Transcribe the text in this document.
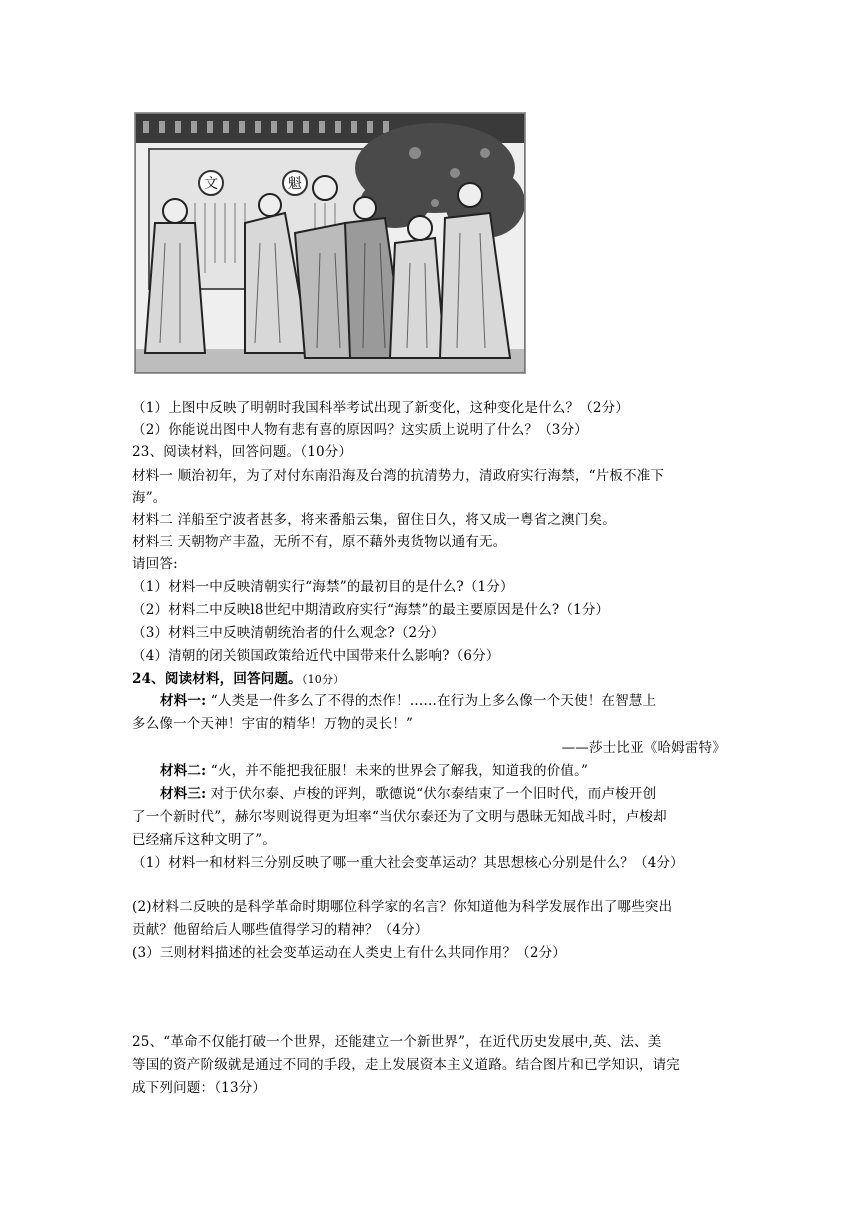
文	魁
（1）上图中反映了明朝时我国科举考试出现了新变化，这种变化是什么？（2分）
（2）你能说出图中人物有悲有喜的原因吗？这实质上说明了什么？（3分）
23、阅读材料，回答问题。（10分）
材料一 顺治初年，为了对付东南沿海及台湾的抗清势力，清政府实行海禁，“片板不准下
海”。
材料二 洋船至宁波者甚多，将来番船云集，留住日久，将又成一粤省之澳门矣。
材料三 天朝物产丰盈，无所不有，原不藉外夷货物以通有无。
请回答:
（1）材料一中反映清朝实行“海禁”的最初目的是什么?（1分）
（2）材料二中反映l8世纪中期清政府实行“海禁”的最主要原因是什么?（1分）
（3）材料三中反映清朝统治者的什么观念?（2分）
（4）清朝的闭关锁国政策给近代中国带来什么影响?（6分）
24、阅读材料，回答问题。（10分）
材料一: “人类是一件多么了不得的杰作！……在行为上多么像一个天使！在智慧上
多么像一个天神！宇宙的精华！万物的灵长！”
——莎士比亚《哈姆雷特》
材料二: “火，并不能把我征服！未来的世界会了解我，知道我的价值。”
材料三: 对于伏尔泰、卢梭的评判，歌德说“伏尔泰结束了一个旧时代，而卢梭开创
了一个新时代”，赫尔岑则说得更为坦率“当伏尔泰还为了文明与愚昧无知战斗时，卢梭却
已经痛斥这种文明了”。
（1）材料一和材料三分别反映了哪一重大社会变革运动？其思想核心分别是什么？（4分）
(2)材料二反映的是科学革命时期哪位科学家的名言？你知道他为科学发展作出了哪些突出
贡献？他留给后人哪些值得学习的精神？（4分）
(3）三则材料描述的社会变革运动在人类史上有什么共同作用？（2分）
25、“革命不仅能打破一个世界，还能建立一个新世界”，在近代历史发展中,英、法、美
等国的资产阶级就是通过不同的手段，走上发展资本主义道路。结合图片和已学知识，请完
成下列问题：（13分）
